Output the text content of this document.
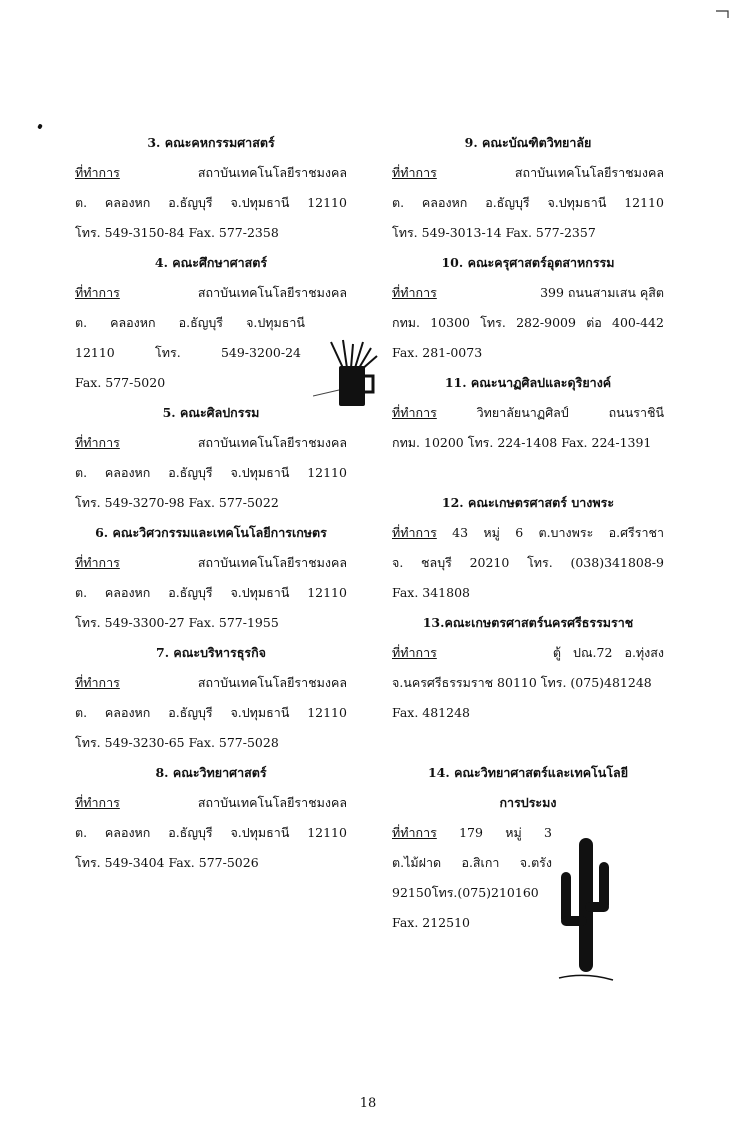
3. คณะคหกรรมศาสตร์
ที่ทำการ	สถาบันเทคโนโลยีราชมงคล
ต. คลองหก อ.ธัญบุรี จ.ปทุมธานี 12110
โทร. 549-3150-84 Fax. 577-2358
4. คณะศึกษาศาสตร์
ที่ทำการ	สถาบันเทคโนโลยีราชมงคล
ต. คลองหก อ.ธัญบุรี จ.ปทุมธานี
12110	โทร.	549-3200-24
Fax. 577-5020
5. คณะศิลปกรรม
ที่ทำการ	สถาบันเทคโนโลยีราชมงคล
ต. คลองหก อ.ธัญบุรี จ.ปทุมธานี 12110
โทร. 549-3270-98 Fax. 577-5022
6. คณะวิศวกรรมและเทคโนโลยีการเกษตร
ที่ทำการ	สถาบันเทคโนโลยีราชมงคล
ต. คลองหก อ.ธัญบุรี จ.ปทุมธานี 12110
โทร. 549-3300-27 Fax. 577-1955
7. คณะบริหารธุรกิจ
ที่ทำการ	สถาบันเทคโนโลยีราชมงคล
ต. คลองหก อ.ธัญบุรี จ.ปทุมธานี 12110
โทร. 549-3230-65 Fax. 577-5028
8. คณะวิทยาศาสตร์
ที่ทำการ	สถาบันเทคโนโลยีราชมงคล
ต. คลองหก อ.ธัญบุรี จ.ปทุมธานี 12110
โทร. 549-3404 Fax. 577-5026
9. คณะบัณฑิตวิทยาลัย
ที่ทำการ	สถาบันเทคโนโลยีราชมงคล
ต. คลองหก อ.ธัญบุรี จ.ปทุมธานี 12110
โทร. 549-3013-14 Fax. 577-2357
10. คณะครุศาสตร์อุตสาหกรรม
ที่ทำการ	399 ถนนสามเสน คุสิต
กทม. 10300 โทร. 282-9009 ต่อ 400-442
Fax. 281-0073
11. คณะนาฏศิลปและดุริยางค์
ที่ทำการ	วิทยาลัยนาฏศิลป์	ถนนราชินี
กทม. 10200 โทร. 224-1408 Fax. 224-1391
12. คณะเกษตรศาสตร์ บางพระ
ที่ทำการ 43 หมู่ 6 ต.บางพระ อ.ศรีราชา
จ. ชลบุรี 20210 โทร. (038)341808-9
Fax. 341808
13.คณะเกษตรศาสตร์นครศรีธรรมราช
ที่ทำการ	ตู้ ปณ.72 อ.ทุ่งสง
จ.นครศรีธรรมราช 80110 โทร. (075)481248
Fax. 481248
14. คณะวิทยาศาสตร์และเทคโนโลยี
การประมง
ที่ทำการ 179 หมู่ 3
ต.ไม้ฝาด อ.สิเกา จ.ตรัง
92150โทร.(075)210160
Fax. 212510
18
